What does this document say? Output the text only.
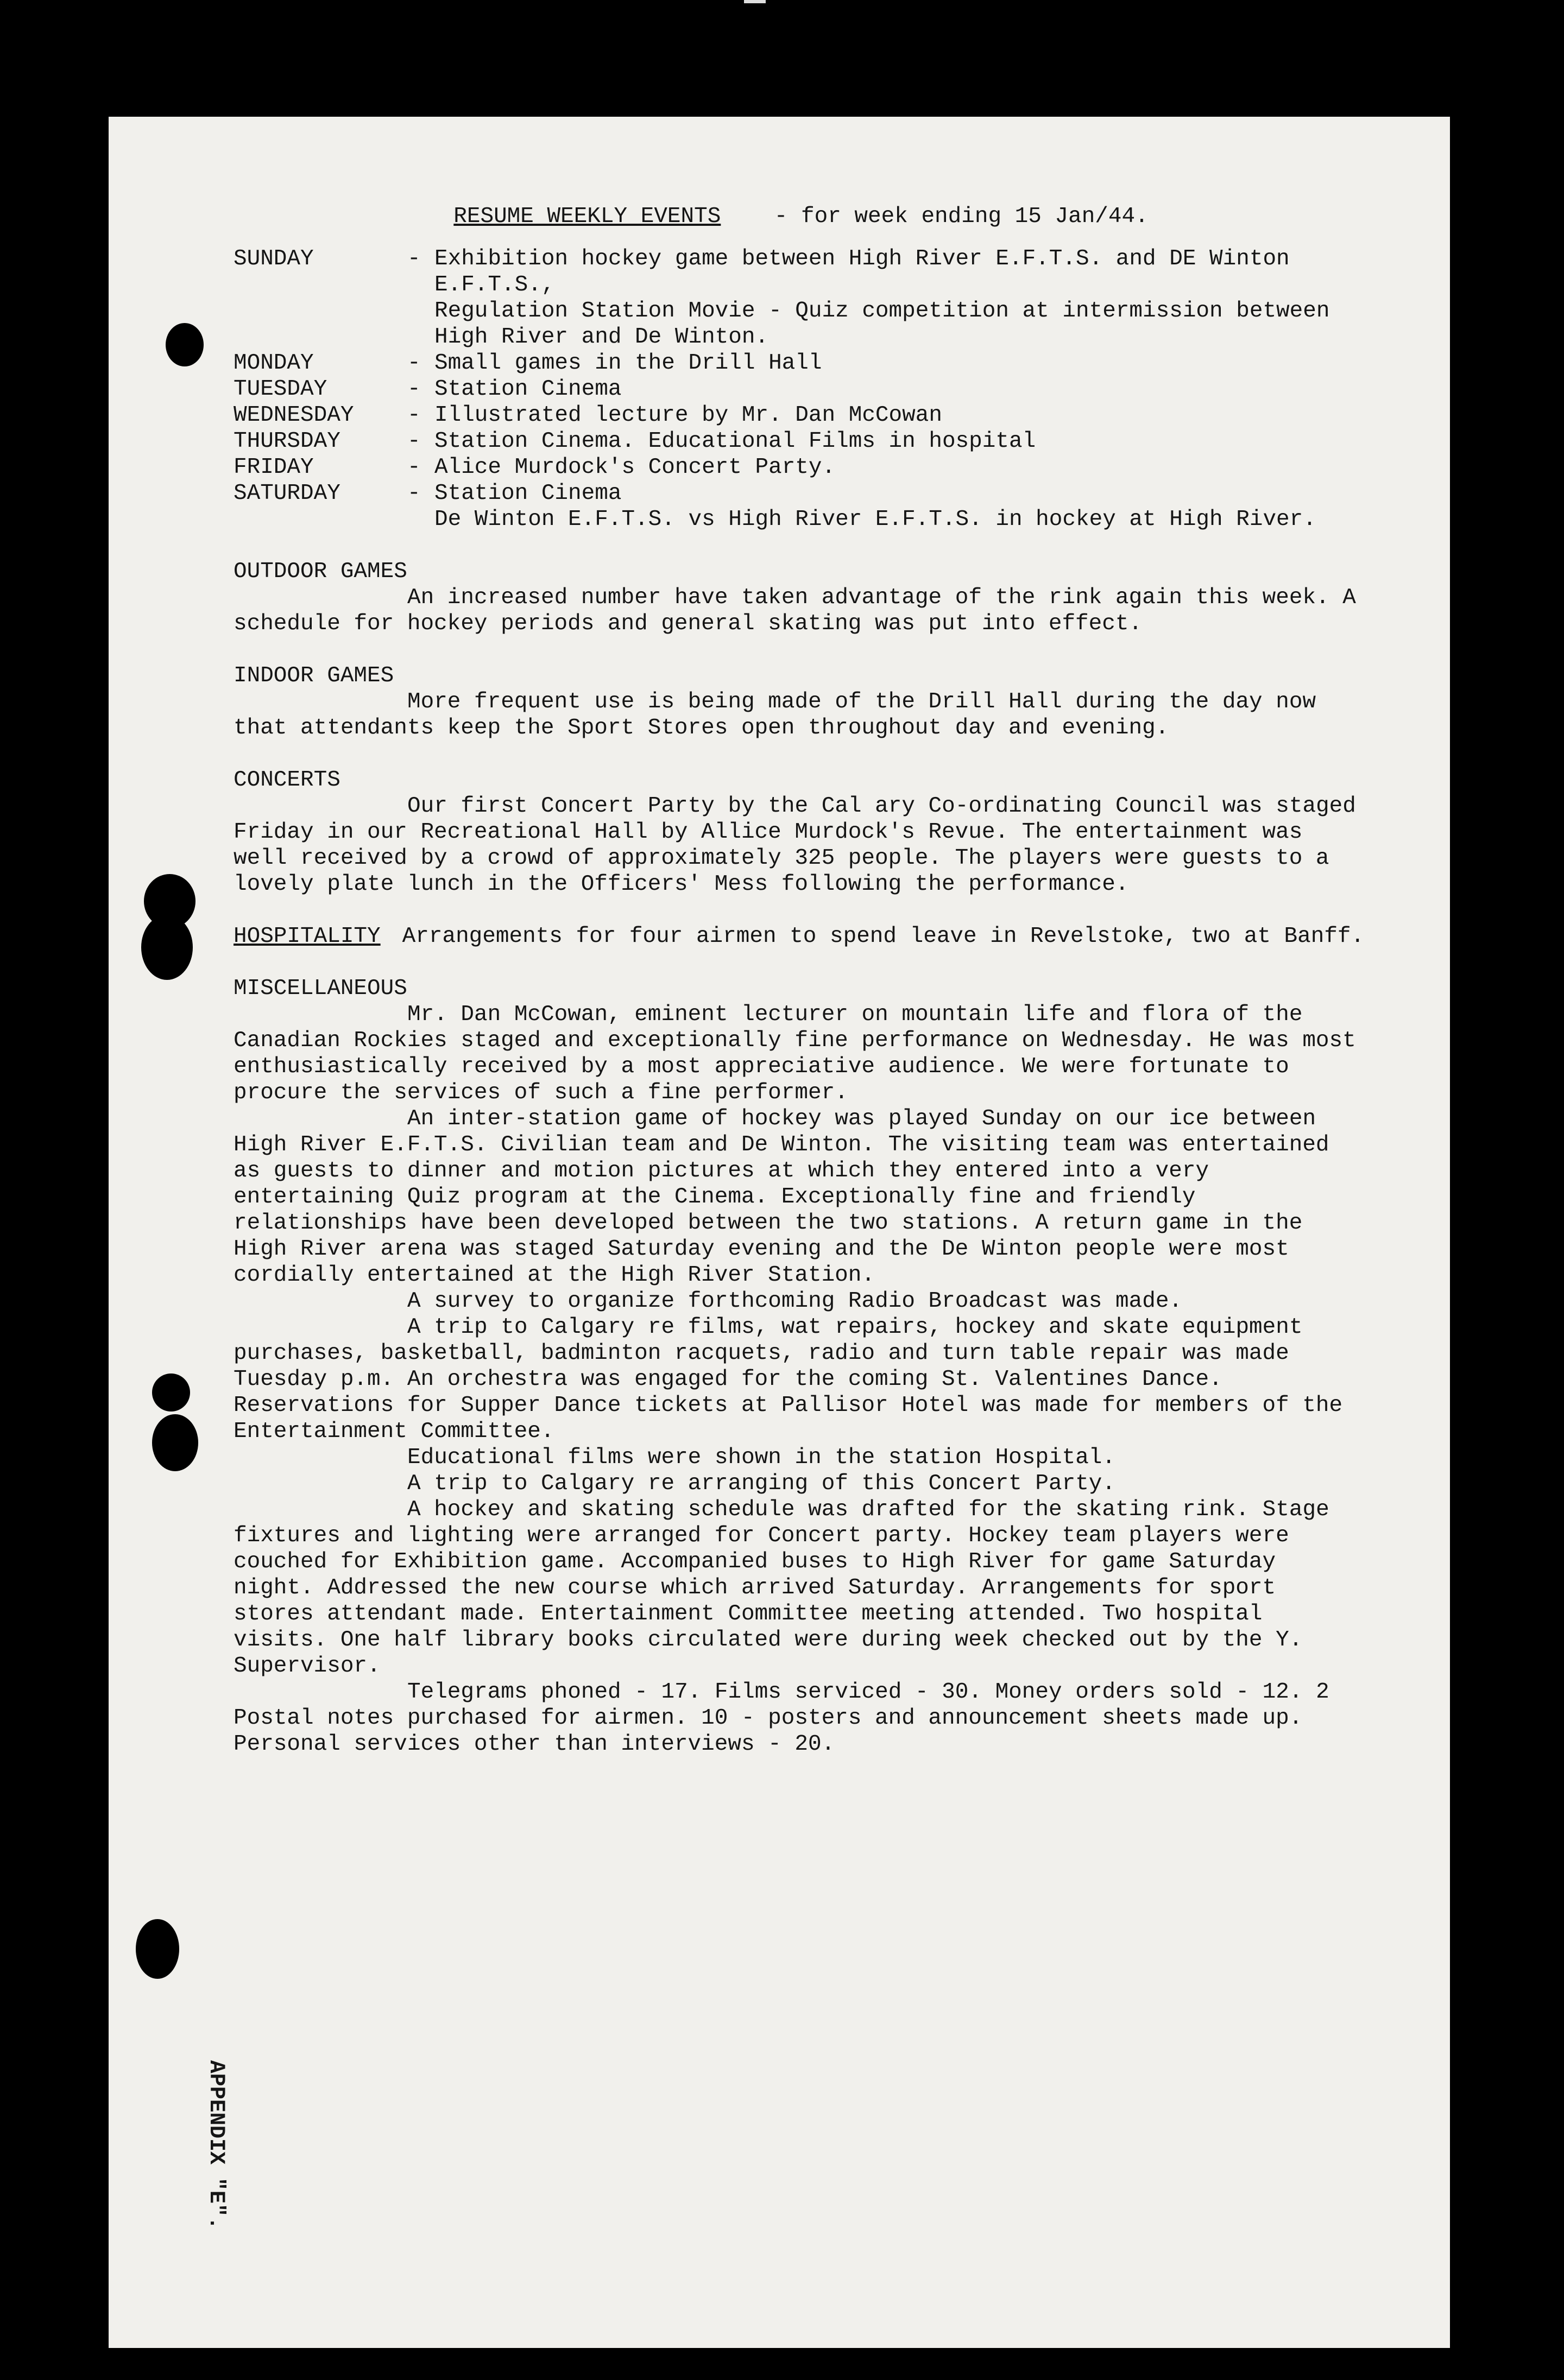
RESUME WEEKLY EVENTS - for week ending 15 Jan/44.
SUNDAY	-	Exhibition hockey game between High River E.F.T.S. and DE Winton E.F.T.S.,
		Regulation Station Movie - Quiz competition at intermission between High River and De Winton.
MONDAY	-	Small games in the Drill Hall
TUESDAY	-	Station Cinema
WEDNESDAY	-	Illustrated lecture by Mr. Dan McCowan
THURSDAY	-	Station Cinema. Educational Films in hospital
FRIDAY	-	Alice Murdock's Concert Party.
SATURDAY	-	Station Cinema
		De Winton E.F.T.S. vs High River E.F.T.S. in hockey at High River.
OUTDOOR GAMES
An increased number have taken advantage of the rink again this week. A schedule for hockey periods and general skating was put into effect.
INDOOR GAMES
More frequent use is being made of the Drill Hall during the day now that attendants keep the Sport Stores open throughout day and evening.
CONCERTS
Our first Concert Party by the Cal ary Co-ordinating Council was staged Friday in our Recreational Hall by Allice Murdock's Revue. The entertainment was well received by a crowd of approximately 325 people. The players were guests to a lovely plate lunch in the Officers' Mess following the performance.
HOSPITALITY Arrangements for four airmen to spend leave in Revelstoke, two at Banff.
MISCELLANEOUS
Mr. Dan McCowan, eminent lecturer on mountain life and flora of the Canadian Rockies staged and exceptionally fine performance on Wednesday. He was most enthusiastically received by a most appreciative audience. We were fortunate to procure the services of such a fine performer.
An inter-station game of hockey was played Sunday on our ice between High River E.F.T.S. Civilian team and De Winton. The visiting team was entertained as guests to dinner and motion pictures at which they entered into a very entertaining Quiz program at the Cinema. Exceptionally fine and friendly relationships have been developed between the two stations. A return game in the High River arena was staged Saturday evening and the De Winton people were most cordially entertained at the High River Station.
A survey to organize forthcoming Radio Broadcast was made.
A trip to Calgary re films, wat repairs, hockey and skate equipment purchases, basketball, badminton racquets, radio and turn table repair was made Tuesday p.m. An orchestra was engaged for the coming St. Valentines Dance. Reservations for Supper Dance tickets at Pallisor Hotel was made for members of the Entertainment Committee.
Educational films were shown in the station Hospital.
A trip to Calgary re arranging of this Concert Party.
A hockey and skating schedule was drafted for the skating rink. Stage fixtures and lighting were arranged for Concert party. Hockey team players were couched for Exhibition game. Accompanied buses to High River for game Saturday night. Addressed the new course which arrived Saturday. Arrangements for sport stores attendant made. Entertainment Committee meeting attended. Two hospital visits. One half library books circulated were during week checked out by the Y. Supervisor.
Telegrams phoned - 17. Films serviced - 30. Money orders sold - 12. 2 Postal notes purchased for airmen. 10 - posters and announcement sheets made up. Personal services other than interviews - 20.
APPENDIX "E".
